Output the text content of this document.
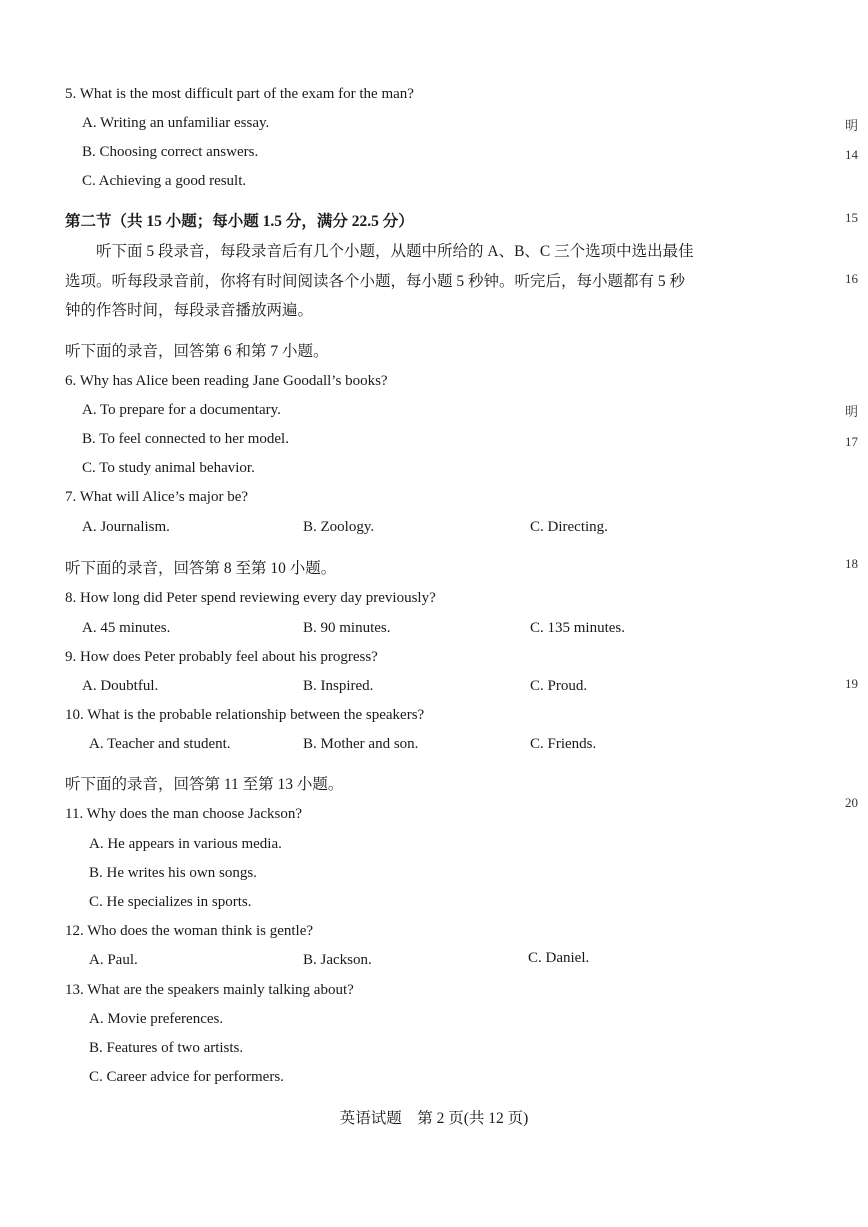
5. What is the most difficult part of the exam for the man?
A. Writing an unfamiliar essay.
B. Choosing correct answers.
C. Achieving a good result.
第二节（共 15 小题；每小题 1.5 分，满分 22.5 分）
听下面 5 段录音，每段录音后有几个小题，从题中所给的 A、B、C 三个选项中选出最佳
选项。听每段录音前，你将有时间阅读各个小题，每小题 5 秒钟。听完后，每小题都有 5 秒
钟的作答时间，每段录音播放两遍。
听下面的录音，回答第 6 和第 7 小题。
6. Why has Alice been reading Jane Goodall’s books?
A. To prepare for a documentary.
B. To feel connected to her model.
C. To study animal behavior.
7. What will Alice’s major be?
A. Journalism.	B. Zoology.	C. Directing.
听下面的录音，回答第 8 至第 10 小题。
8. How long did Peter spend reviewing every day previously?
A. 45 minutes.	B. 90 minutes.	C. 135 minutes.
9. How does Peter probably feel about his progress?
A. Doubtful.	B. Inspired.	C. Proud.
10. What is the probable relationship between the speakers?
A. Teacher and student.	B. Mother and son.	C. Friends.
听下面的录音，回答第 11 至第 13 小题。
11. Why does the man choose Jackson?
A. He appears in various media.
B. He writes his own songs.
C. He specializes in sports.
12. Who does the woman think is gentle?
A. Paul.	B. Jackson.	C. Daniel.
13. What are the speakers mainly talking about?
A. Movie preferences.
B. Features of two artists.
C. Career advice for performers.
明
14
15
16
明
17
18
19
20
英语试题　第 2 页(共 12 页)
